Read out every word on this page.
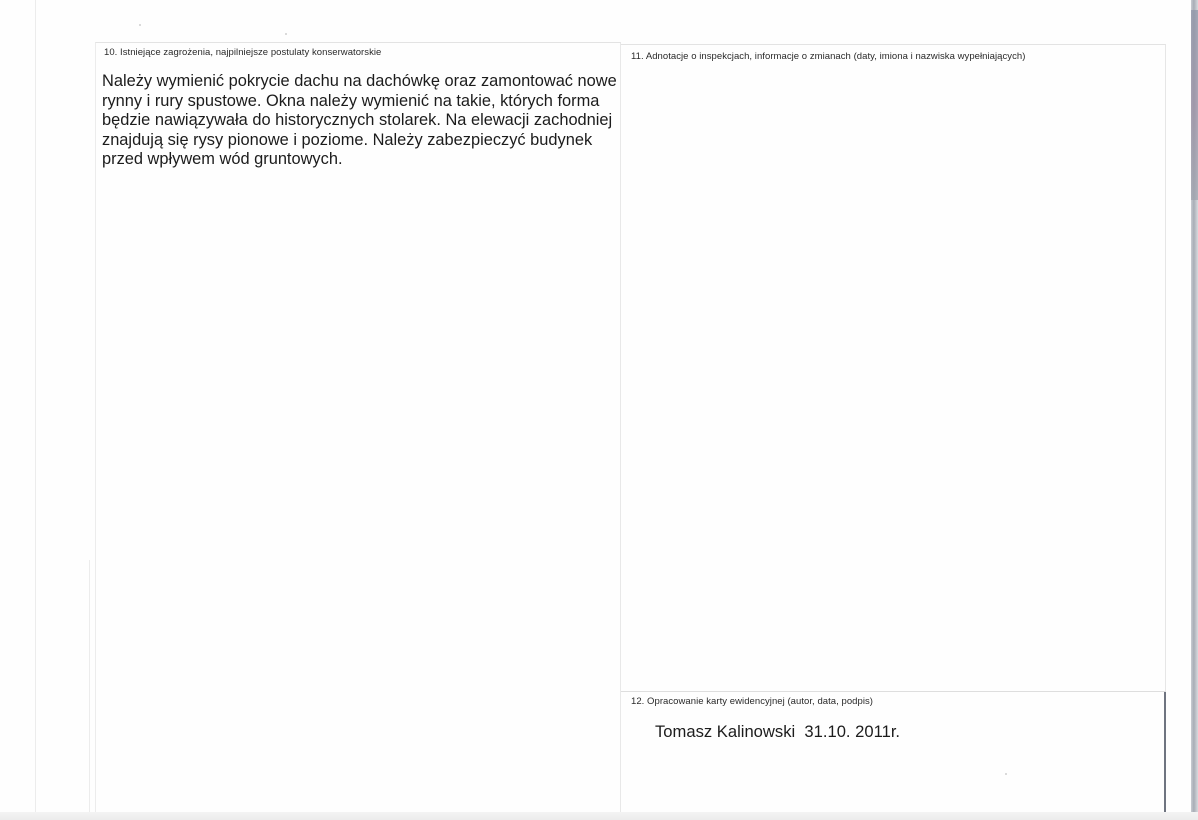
10. Istniejące zagrożenia, najpilniejsze postulaty konserwatorskie
Należy wymienić pokrycie dachu na dachówkę oraz zamontować nowe rynny i rury spustowe. Okna należy wymienić na takie, których forma będzie nawiązywała do historycznych stolarek. Na elewacji zachodniej znajdują się rysy pionowe i poziome. Należy zabezpieczyć budynek przed wpływem wód gruntowych.
11. Adnotacje o inspekcjach, informacje o zmianach (daty, imiona i nazwiska wypełniających)
12. Opracowanie karty ewidencyjnej (autor, data, podpis)
Tomasz Kalinowski  31.10. 2011r.
